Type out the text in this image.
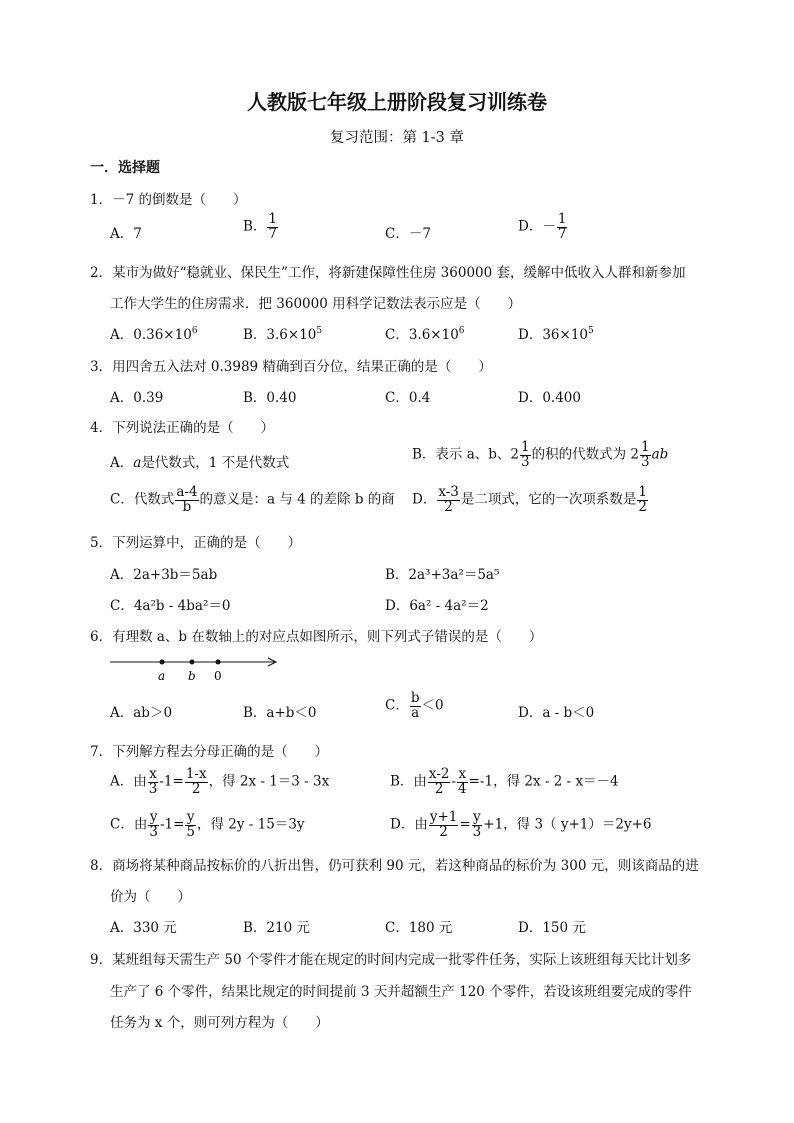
人教版七年级上册阶段复习训练卷
复习范围：第 1-3 章
一．选择题
1．－7 的倒数是（　　）
A．7	B． $\frac{1}{7}$	C．－7	D．－ $\frac{1}{7}$
2．某市为做好“稳就业、保民生”工作，将新建保障性住房 360000 套，缓解中低收入人群和新参加
工作大学生的住房需求．把 360000 用科学记数法表示应是（　　）
A．$0.36\times 10^6$	B．$3.6\times 10^5$	C．$3.6\times 10^6$	D．$36\times 10^5$
3．用四舍五入法对 0.3989 精确到百分位，结果正确的是（　　）
A．0.39	B．0.40	C．0.4	D．0.400
4．下列说法正确的是（　　）
A．a是代数式，1 不是代数式
B．表示 a、b、$2 \frac{1}{3}$ 的积的代数式为 $2 \frac{1}{3}$ ab
C．代数式 $\frac{a-4}{b}$ 的意义是：a 与 4 的差除 b 的商 D． $\frac{x-3}{2}$ 是二项式，它的一次项系数是 $\frac{1}{2}$
5．下列运算中，正确的是（　　）
A．2a+3b＝5ab	B．2a³+3a²＝5a⁵
C．4a²b - 4ba²＝0	D．6a² - 4a²＝2
6．有理数 a、b 在数轴上的对应点如图所示，则下列式子错误的是（　　）
a b 0
A．ab＞0	B．a+b＜0	C． $\frac{b}{a} <0$	D．a - b＜0
7．下列解方程去分母正确的是（　　）
A．由 $\frac{x}{3} -1= \frac{1-x}{2}$ ，得 2x - 1＝3 - 3x	B．由 $\frac{x-2}{2} - \frac{x}{4} =-1$，得 2x - 2 - x＝－4
C．由 $\frac{y}{3} -1= \frac{y}{5}$ ，得 2y - 15＝3y	D．由 $\frac{y+1}{2} = \frac{y}{3} +1$，得 3（ y+1）＝2y+6
8．商场将某种商品按标价的八折出售，仍可获利 90 元，若这种商品的标价为 300 元，则该商品的进
价为（　　）
A．330 元	B．210 元	C．180 元	D．150 元
9．某班组每天需生产 50 个零件才能在规定的时间内完成一批零件任务，实际上该班组每天比计划多
生产了 6 个零件，结果比规定的时间提前 3 天并超额生产 120 个零件，若设该班组要完成的零件
任务为 x 个，则可列方程为（　　）
